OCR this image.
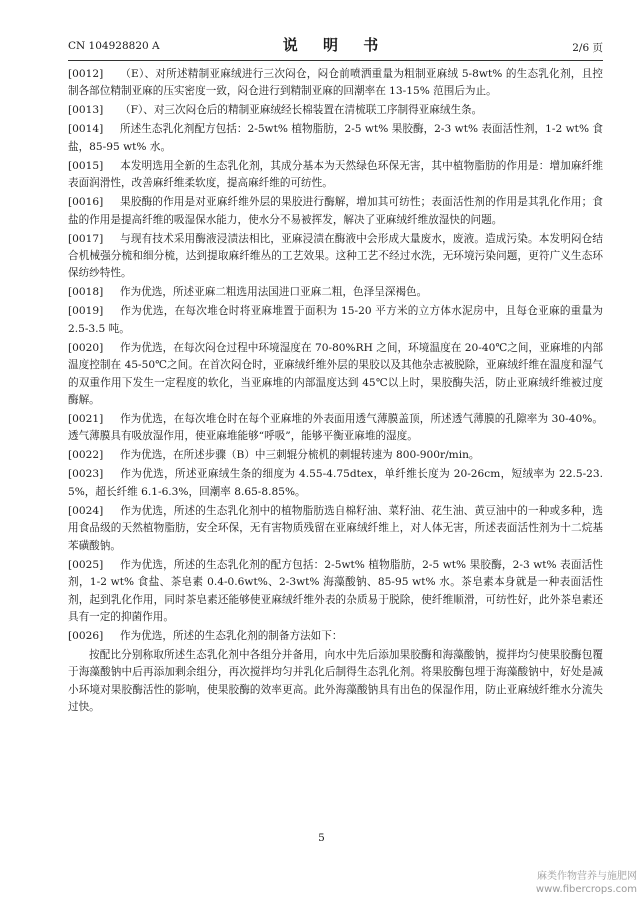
CN 104928820 A	说 明 书	2/6 页

[0012] （E）、对所述精制亚麻绒进行三次闷仓，闷仓前喷洒重量为粗制亚麻绒 5-8wt% 的生态乳化剂，且控制各部位精制亚麻的压实密度一致，闷仓进行到精制亚麻的回潮率在 13-15% 范围后为止。

[0013] （F）、对三次闷仓后的精制亚麻绒经长棉装置在清梳联工序制得亚麻绒生条。

[0014] 所述生态乳化剂配方包括：2-5wt% 植物脂肪，2-5 wt% 果胶酶，2-3 wt% 表面活性剂，1-2 wt% 食盐，85-95 wt% 水。

[0015] 本发明选用全新的生态乳化剂，其成分基本为天然绿色环保无害，其中植物脂肪的作用是：增加麻纤维表面润滑性，改善麻纤维柔软度，提高麻纤维的可纺性。

[0016] 果胶酶的作用是对亚麻纤维外层的果胶进行酶解，增加其可纺性；表面活性剂的作用是其乳化作用；食盐的作用是提高纤维的吸湿保水能力，使水分不易被挥发，解决了亚麻绒纤维放湿快的问题。

[0017] 与现有技术采用酶液浸渍法相比，亚麻浸渍在酶液中会形成大量废水，废液。造成污染。本发明闷仓结合机械强分梳和细分梳，达到提取麻纤维丛的工艺效果。这种工艺不经过水洗，无环境污染问题，更符广义生态环保纺纱特性。

[0018] 作为优选，所述亚麻二粗选用法国进口亚麻二粗，色泽呈深褐色。

[0019] 作为优选，在每次堆仓时将亚麻堆置于面积为 15-20 平方米的立方体水泥房中，且每仓亚麻的重量为 2.5-3.5 吨。

[0020] 作为优选，在每次闷仓过程中环境湿度在 70-80%RH 之间，环境温度在 20-40℃之间，亚麻堆的内部温度控制在 45-50℃之间。在首次闷仓时，亚麻绒纤维外层的果胶以及其他杂志被脱除，亚麻绒纤维在温度和湿气的双重作用下发生一定程度的软化，当亚麻堆的内部温度达到 45℃以上时，果胶酶失活，防止亚麻绒纤维被过度酶解。

[0021] 作为优选，在每次堆仓时在每个亚麻堆的外表面用透气薄膜盖顶，所述透气薄膜的孔隙率为 30-40%。透气薄膜具有吸放湿作用，使亚麻堆能够“呼吸”，能够平衡亚麻堆的湿度。

[0022] 作为优选，在所述步骤（B）中三刺辊分梳机的刺辊转速为 800-900r/min。

[0023] 作为优选，所述亚麻绒生条的细度为 4.55-4.75dtex，单纤维长度为 20-26cm，短绒率为 22.5-23.5%，超长纤维 6.1-6.3%，回潮率 8.65-8.85%。

[0024] 作为优选，所述的生态乳化剂中的植物脂肪选自棉籽油、菜籽油、花生油、黄豆油中的一种或多种，选用食品级的天然植物脂肪，安全环保，无有害物质残留在亚麻绒纤维上，对人体无害，所述表面活性剂为十二烷基苯磺酸钠。

[0025] 作为优选，所述的生态乳化剂的配方包括：2-5wt% 植物脂肪，2-5 wt% 果胶酶，2-3 wt% 表面活性剂，1-2 wt% 食盐、茶皂素 0.4-0.6wt%、2-3wt% 海藻酸钠、85-95 wt% 水。茶皂素本身就是一种表面活性剂，起到乳化作用，同时茶皂素还能够使亚麻绒纤维外表的杂质易于脱除，使纤维顺滑，可纺性好，此外茶皂素还具有一定的抑菌作用。

[0026] 作为优选，所述的生态乳化剂的制备方法如下：

按配比分别称取所述生态乳化剂中各组分并备用，向水中先后添加果胶酶和海藻酸钠，搅拌均匀使果胶酶包覆于海藻酸钠中后再添加剩余组分，再次搅拌均匀并乳化后制得生态乳化剂。将果胶酶包埋于海藻酸钠中，好处是减小环境对果胶酶活性的影响，使果胶酶的效率更高。此外海藻酸钠具有出色的保湿作用，防止亚麻绒纤维水分流失过快。

5
麻类作物营养与施肥网
www.fibercrops.com
